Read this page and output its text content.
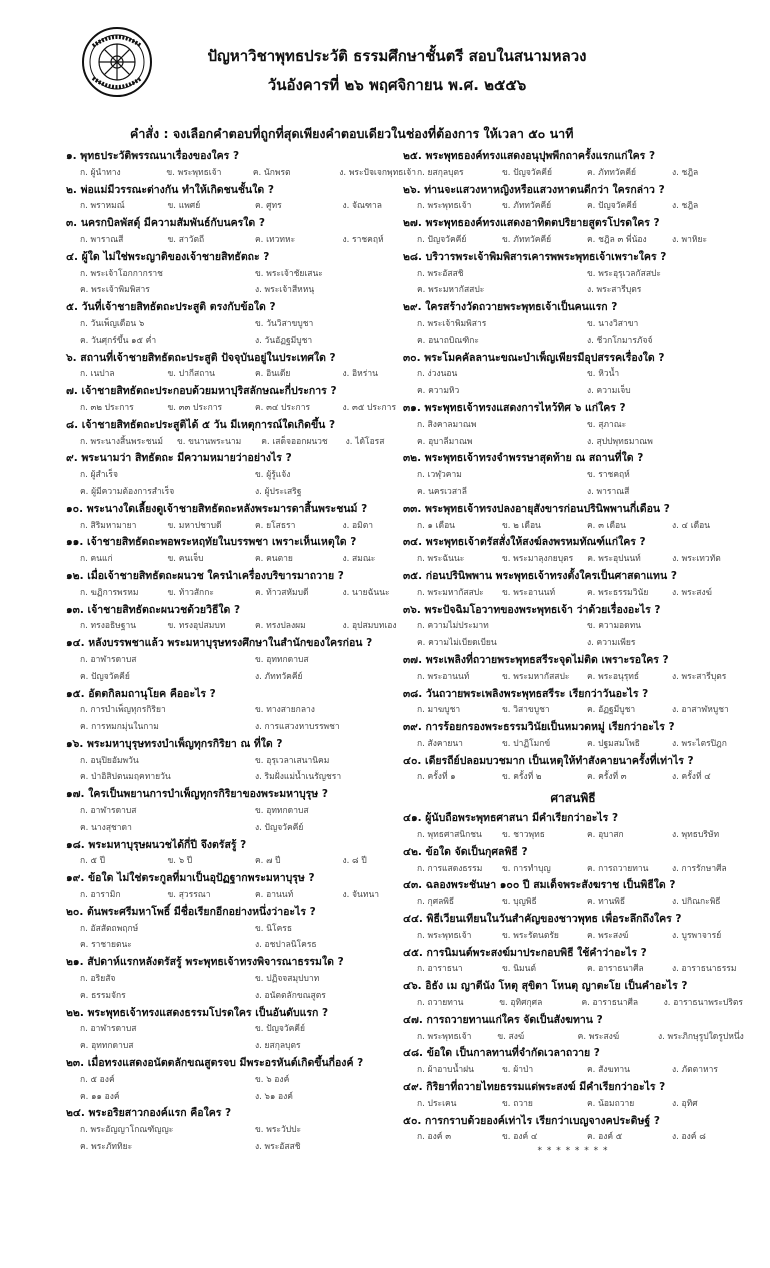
ปัญหาวิชาพุทธประวัติ ธรรมศึกษาชั้นตรี สอบในสนามหลวง
วันอังคารที่ ๒๖ พฤศจิกายน พ.ศ. ๒๕๕๖
คำสั่ง : จงเลือกคำตอบที่ถูกที่สุดเพียงคำตอบเดียวในช่องที่ต้องการ ให้เวลา ๕๐ นาที
๑. พุทธประวัติพรรณนาเรื่องของใคร ?
ก. ผู้นำทาง	ข. พระพุทธเจ้า	ค. นักพรต	ง. พระปัจเจกพุทธเจ้า
๒. พ่อแม่มีวรรณะต่างกัน ทำให้เกิดชนชั้นใด ?
ก. พราหมณ์	ข. แพศย์	ค. ศูทร	ง. จัณฑาล
๓. นครกบิลพัสดุ์ มีความสัมพันธ์กับนครใด ?
ก. พาราณสี	ข. สาวัตถี	ค. เทวทหะ	ง. ราชคฤห์
๔. ผู้ใด ไม่ใช่พระญาติของเจ้าชายสิทธัตถะ ?
ก. พระเจ้าโอกกากราช	ข. พระเจ้าชัยเสนะ
ค. พระเจ้าพิมพิสาร	ง. พระเจ้าสีหหนุ
๕. วันที่เจ้าชายสิทธัตถะประสูติ ตรงกับข้อใด ?
ก. วันเพ็ญเดือน ๖	ข. วันวิสาขบูชา
ค. วันศุกร์ขึ้น ๑๕ ค่ำ	ง. วันอัฏฐมีบูชา
๖. สถานที่เจ้าชายสิทธัตถะประสูติ ปัจจุบันอยู่ในประเทศใด ?
ก. เนปาล	ข. ปากีสถาน	ค. อินเดีย	ง. อิหร่าน
๗. เจ้าชายสิทธัตถะประกอบด้วยมหาปุริสลักษณะกี่ประการ ?
ก. ๓๒ ประการ	ข. ๓๓ ประการ	ค. ๓๔ ประการ	ง. ๓๕ ประการ
๘. เจ้าชายสิทธัตถะประสูติได้ ๕ วัน มีเหตุการณ์ใดเกิดขึ้น ?
ก. พระนางสิ้นพระชนม์	ข. ขนานพระนาม	ค. เสด็จออกผนวช	ง. ได้โอรส
๙. พระนามว่า สิทธัตถะ มีความหมายว่าอย่างไร ?
ก. ผู้สำเร็จ	ข. ผู้รู้แจ้ง
ค. ผู้มีความต้องการสำเร็จ	ง. ผู้ประเสริฐ
๑๐. พระนางใดเลี้ยงดูเจ้าชายสิทธัตถะหลังพระมารดาสิ้นพระชนม์ ?
ก. สิริมหามายา	ข. มหาปชาบดี	ค. ยโสธรา	ง. อมิตา
๑๑. เจ้าชายสิทธัตถะพอพระหฤทัยในบรรพชา เพราะเห็นเหตุใด ?
ก. คนแก่	ข. คนเจ็บ	ค. คนตาย	ง. สมณะ
๑๒. เมื่อเจ้าชายสิทธัตถะผนวช ใครนำเครื่องบริขารมาถวาย ?
ก. ฆฏิการพรหม	ข. ท้าวสักกะ	ค. ท้าวสหัมบดี	ง. นายฉันนะ
๑๓. เจ้าชายสิทธัตถะผนวชด้วยวิธีใด ?
ก. ทรงอธิษฐาน	ข. ทรงอุปสมบท	ค. ทรงปลงผม	ง. อุปสมบทเอง
๑๔. หลังบรรพชาแล้ว พระมหาบุรุษทรงศึกษาในสำนักของใครก่อน ?
ก. อาฬารดาบส	ข. อุททกดาบส
ค. ปัญจวัคคีย์	ง. ภัททวัคคีย์
๑๕. อัตตกิลมถานุโยค คืออะไร ?
ก. การบำเพ็ญทุกรกิริยา	ข. ทางสายกลาง
ค. การหมกมุ่นในกาม	ง. การแสวงหาบรรพชา
๑๖. พระมหาบุรุษทรงบำเพ็ญทุกรกิริยา ณ ที่ใด ?
ก. อนุปิยอัมพวัน	ข. อุรุเวลาเสนานิคม
ค. ป่าอิสิปตนมฤคทายวัน	ง. ริมฝั่งแม่น้ำเนรัญชรา
๑๗. ใครเป็นพยานการบำเพ็ญทุกรกิริยาของพระมหาบุรุษ ?
ก. อาฬารดาบส	ข. อุททกดาบส
ค. นางสุชาดา	ง. ปัญจวัคคีย์
๑๘. พระมหาบุรุษผนวชได้กี่ปี จึงตรัสรู้ ?
ก. ๕ ปี	ข. ๖ ปี	ค. ๗ ปี	ง. ๘ ปี
๑๙. ข้อใด ไม่ใช่ตระกูลที่มาเป็นอุปัฏฐากพระมหาบุรุษ ?
ก. อารามิก	ข. สุวรรณา	ค. อานนท์	ง. จันทนา
๒๐. ต้นพระศรีมหาโพธิ์ มีชื่อเรียกอีกอย่างหนึ่งว่าอะไร ?
ก. อัสสัตถพฤกษ์	ข. นิโครธ
ค. ราชายตนะ	ง. อชปาลนิโครธ
๒๑. สัปดาห์แรกหลังตรัสรู้ พระพุทธเจ้าทรงพิจารณาธรรมใด ?
ก. อริยสัจ	ข. ปฏิจจสมุปบาท
ค. ธรรมจักร	ง. อนัตตลักขณสูตร
๒๒. พระพุทธเจ้าทรงแสดงธรรมโปรดใคร เป็นอันดับแรก ?
ก. อาฬารดาบส	ข. ปัญจวัคคีย์
ค. อุททกดาบส	ง. ยสกุลบุตร
๒๓. เมื่อทรงแสดงอนัตตลักขณสูตรจบ มีพระอรหันต์เกิดขึ้นกี่องค์ ?
ก. ๕ องค์	ข. ๖ องค์
ค. ๑๑ องค์	ง. ๖๑ องค์
๒๔. พระอริยสาวกองค์แรก คือใคร ?
ก. พระอัญญาโกณฑัญญะ	ข. พระวัปปะ
ค. พระภัททิยะ	ง. พระอัสสชิ
๒๕. พระพุทธองค์ทรงแสดงอนุปุพพีกถาครั้งแรกแก่ใคร ?
ก. ยสกุลบุตร	ข. ปัญจวัคคีย์	ค. ภัททวัคคีย์	ง. ชฎิล
๒๖. ท่านจะแสวงหาหญิงหรือแสวงหาตนดีกว่า ใครกล่าว ?
ก. พระพุทธเจ้า	ข. ภัททวัคคีย์	ค. ปัญจวัคคีย์	ง. ชฎิล
๒๗. พระพุทธองค์ทรงแสดงอาทิตตปริยายสูตรโปรดใคร ?
ก. ปัญจวัคคีย์	ข. ภัททวัคคีย์	ค. ชฎิล ๓ พี่น้อง	ง. พาหิยะ
๒๘. บริวารพระเจ้าพิมพิสารเคารพพระพุทธเจ้าเพราะใคร ?
ก. พระอัสสชิ	ข. พระอุรุเวลกัสสปะ
ค. พระมหากัสสปะ	ง. พระสารีบุตร
๒๙. ใครสร้างวัดถวายพระพุทธเจ้าเป็นคนแรก ?
ก. พระเจ้าพิมพิสาร	ข. นางวิสาขา
ค. อนาถบิณฑิกะ	ง. ชีวกโกมารภัจจ์
๓๐. พระโมคคัลลานะขณะบำเพ็ญเพียรมีอุปสรรคเรื่องใด ?
ก. ง่วงนอน	ข. หิวน้ำ
ค. ความหิว	ง. ความเจ็บ
๓๑. พระพุทธเจ้าทรงแสดงการไหว้ทิศ ๖ แก่ใคร ?
ก. สิงคาลมาณพ	ข. สุภาณะ
ค. อุบาลีมาณพ	ง. สุปปพุทธมาณพ
๓๒. พระพุทธเจ้าทรงจำพรรษาสุดท้าย ณ สถานที่ใด ?
ก. เวฬุวคาม	ข. ราชคฤห์
ค. นครเวสาลี	ง. พาราณสี
๓๓. พระพุทธเจ้าทรงปลงอายุสังขารก่อนปรินิพพานกี่เดือน ?
ก. ๑ เดือน	ข. ๒ เดือน	ค. ๓ เดือน	ง. ๔ เดือน
๓๔. พระพุทธเจ้าตรัสสั่งให้สงฆ์ลงพรหมทัณฑ์แก่ใคร ?
ก. พระฉันนะ	ข. พระมาลุงกยบุตร	ค. พระอุปนนท์	ง. พระเทวทัต
๓๕. ก่อนปรินิพพาน พระพุทธเจ้าทรงตั้งใครเป็นศาสดาแทน ?
ก. พระมหากัสสปะ	ข. พระอานนท์	ค. พระธรรมวินัย	ง. พระสงฆ์
๓๖. พระปัจฉิมโอวาทของพระพุทธเจ้า ว่าด้วยเรื่องอะไร ?
ก. ความไม่ประมาท	ข. ความอดทน
ค. ความไม่เบียดเบียน	ง. ความเพียร
๓๗. พระเพลิงที่ถวายพระพุทธสรีระจุดไม่ติด เพราะรอใคร ?
ก. พระอานนท์	ข. พระมหากัสสปะ	ค. พระอนุรุทธ์	ง. พระสารีบุตร
๓๘. วันถวายพระเพลิงพระพุทธสรีระ เรียกว่าวันอะไร ?
ก. มาฆบูชา	ข. วิสาขบูชา	ค. อัฏฐมีบูชา	ง. อาสาฬหบูชา
๓๙. การร้อยกรองพระธรรมวินัยเป็นหมวดหมู่ เรียกว่าอะไร ?
ก. สังคายนา	ข. ปาฏิโมกข์	ค. ปฐมสมโพธิ	ง. พระไตรปิฎก
๔๐. เดียรถีย์ปลอมบวชมาก เป็นเหตุให้ทำสังคายนาครั้งที่เท่าไร ?
ก. ครั้งที่ ๑	ข. ครั้งที่ ๒	ค. ครั้งที่ ๓	ง. ครั้งที่ ๔
ศาสนพิธี
๔๑. ผู้นับถือพระพุทธศาสนา มีคำเรียกว่าอะไร ?
ก. พุทธศาสนิกชน	ข. ชาวพุทธ	ค. อุบาสก	ง. พุทธบริษัท
๔๒. ข้อใด จัดเป็นกุศลพิธี ?
ก. การแสดงธรรม	ข. การทำบุญ	ค. การถวายทาน	ง. การรักษาศีล
๔๓. ฉลองพระชันษา ๑๐๐ ปี สมเด็จพระสังฆราช เป็นพิธีใด ?
ก. กุศลพิธี	ข. บุญพิธี	ค. ทานพิธี	ง. ปกิณกะพิธี
๔๔. พิธีเวียนเทียนในวันสำคัญของชาวพุทธ เพื่อระลึกถึงใคร ?
ก. พระพุทธเจ้า	ข. พระรัตนตรัย	ค. พระสงฆ์	ง. บูรพาจารย์
๔๕. การนิมนต์พระสงฆ์มาประกอบพิธี ใช้คำว่าอะไร ?
ก. อาราธนา	ข. นิมนต์	ค. อาราธนาศีล	ง. อาราธนาธรรม
๔๖. อิธัง เม ญาตีนัง โหตุ สุขิตา โหนตุ ญาตะโย เป็นคำอะไร ?
ก. ถวายทาน	ข. อุทิศกุศล	ค. อาราธนาศีล	ง. อาราธนาพระปริตร
๔๗. การถวายทานแก่ใคร จัดเป็นสังฆทาน ?
ก. พระพุทธเจ้า	ข. สงฆ์	ค. พระสงฆ์	ง. พระภิกษุรูปใดรูปหนึ่ง
๔๘. ข้อใด เป็นกาลทานที่จำกัดเวลาถวาย ?
ก. ผ้าอาบน้ำฝน	ข. ผ้าป่า	ค. สังฆทาน	ง. ภัตตาหาร
๔๙. กิริยาที่ถวายไทยธรรมแด่พระสงฆ์ มีคำเรียกว่าอะไร ?
ก. ประเคน	ข. ถวาย	ค. น้อมถวาย	ง. อุทิศ
๕๐. การกราบด้วยองค์เท่าไร เรียกว่าเบญจางคประดิษฐ์ ?
ก. องค์ ๓	ข. องค์ ๔	ค. องค์ ๕	ง. องค์ ๘
* * * * * * * *
